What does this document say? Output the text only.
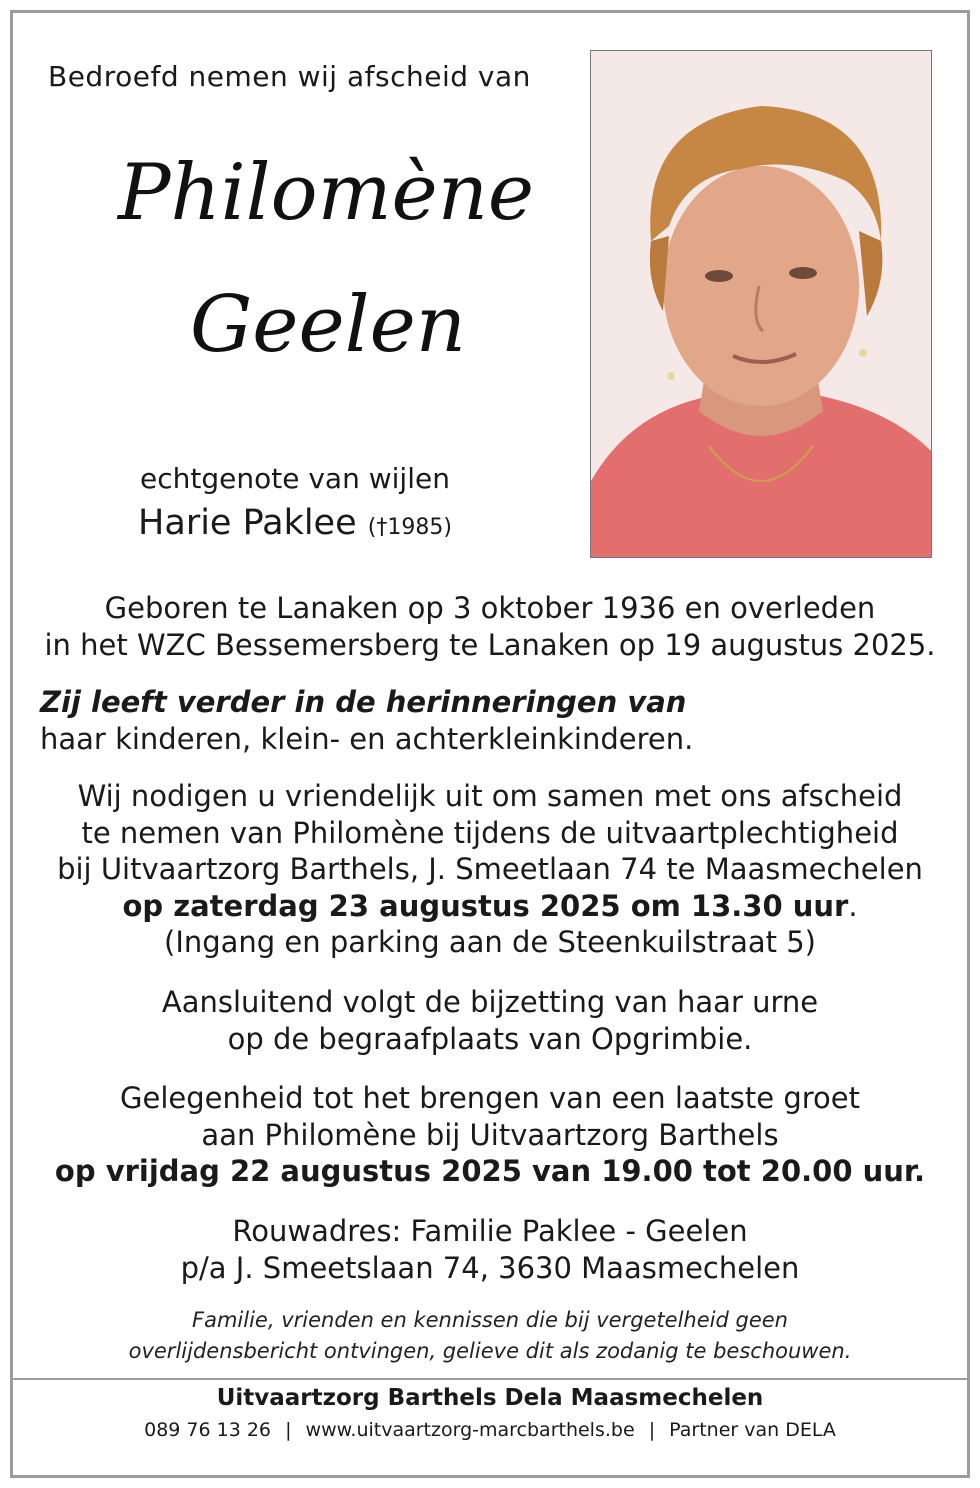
Bedroefd nemen wij afscheid van
Philomène
Geelen
echtgenote van wijlen
Harie Paklee (†1985)
Geboren te Lanaken op 3 oktober 1936 en overleden
in het WZC Bessemersberg te Lanaken op 19 augustus 2025.
Zij leeft verder in de herinneringen van
haar kinderen, klein- en achterkleinkinderen.
Wij nodigen u vriendelijk uit om samen met ons afscheid
te nemen van Philomène tijdens de uitvaartplechtigheid
bij Uitvaartzorg Barthels, J. Smeetlaan 74 te Maasmechelen
op zaterdag 23 augustus 2025 om 13.30 uur.
(Ingang en parking aan de Steenkuilstraat 5)
Aansluitend volgt de bijzetting van haar urne
op de begraafplaats van Opgrimbie.
Gelegenheid tot het brengen van een laatste groet
aan Philomène bij Uitvaartzorg Barthels
op vrijdag 22 augustus 2025 van 19.00 tot 20.00 uur.
Rouwadres: Familie Paklee - Geelen
p/a J. Smeetslaan 74, 3630 Maasmechelen
Familie, vrienden en kennissen die bij vergetelheid geen
overlijdensbericht ontvingen, gelieve dit als zodanig te beschouwen.
Uitvaartzorg Barthels Dela Maasmechelen
089 76 13 26 | www.uitvaartzorg-marcbarthels.be | Partner van DELA
